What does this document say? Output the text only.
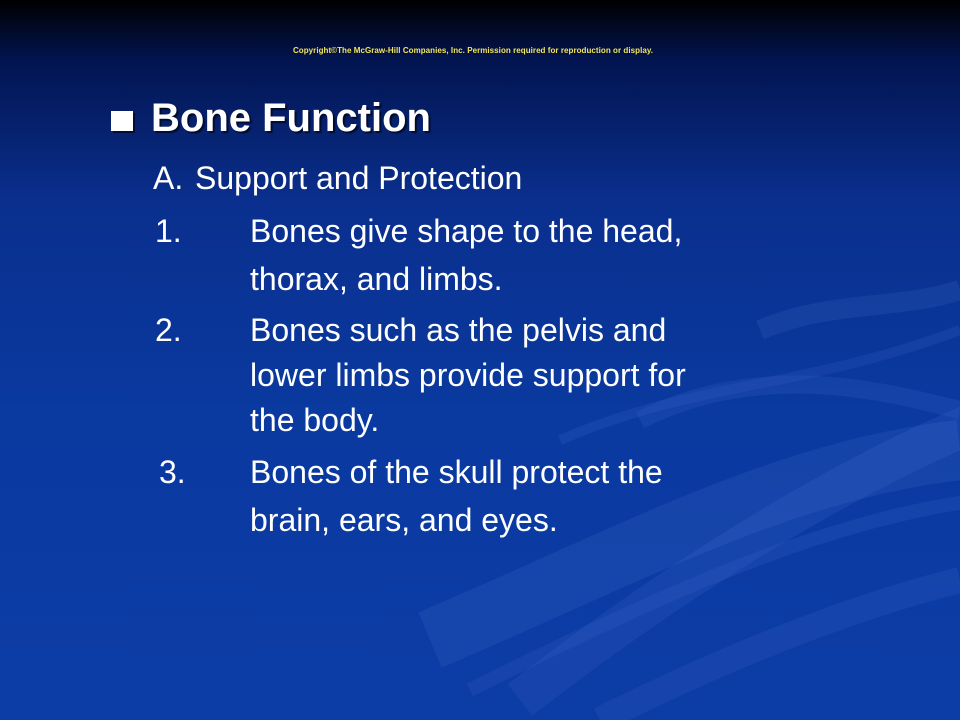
Copyright©The McGraw-Hill Companies, Inc. Permission required for reproduction or display.
Bone Function
A. Support and Protection
1. Bones give shape to the head,
thorax, and limbs.
2. Bones such as the pelvis and
lower limbs provide support for
the body.
3. Bones of the skull protect the
brain, ears, and eyes.
